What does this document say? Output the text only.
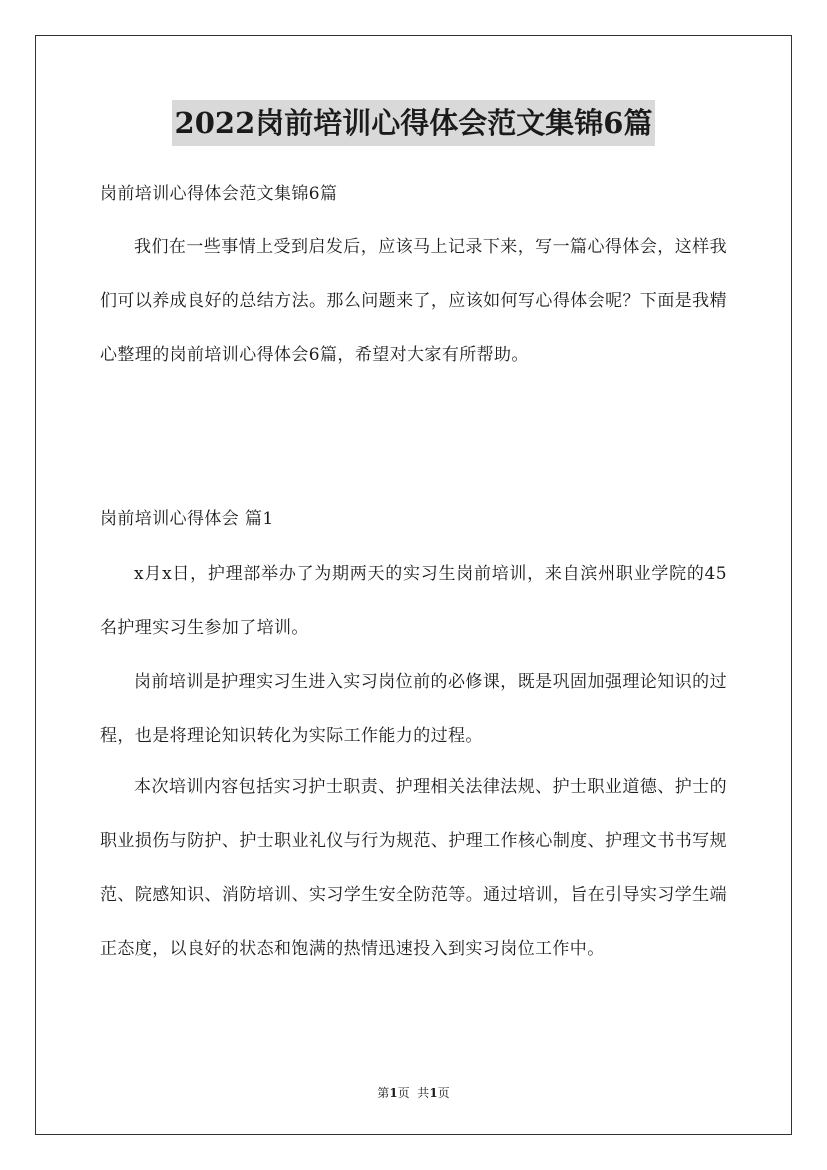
2022岗前培训心得体会范文集锦6篇

岗前培训心得体会范文集锦6篇

我们在一些事情上受到启发后，应该马上记录下来，写一篇心得体会，这样我们可以养成良好的总结方法。那么问题来了，应该如何写心得体会呢？下面是我精心整理的岗前培训心得体会6篇，希望对大家有所帮助。

岗前培训心得体会 篇1

x月x日，护理部举办了为期两天的实习生岗前培训，来自滨州职业学院的45名护理实习生参加了培训。

岗前培训是护理实习生进入实习岗位前的必修课，既是巩固加强理论知识的过程，也是将理论知识转化为实际工作能力的过程。

本次培训内容包括实习护士职责、护理相关法律法规、护士职业道德、护士的职业损伤与防护、护士职业礼仪与行为规范、护理工作核心制度、护理文书书写规范、院感知识、消防培训、实习学生安全防范等。通过培训，旨在引导实习学生端正态度，以良好的状态和饱满的热情迅速投入到实习岗位工作中。

第1页  共1页
